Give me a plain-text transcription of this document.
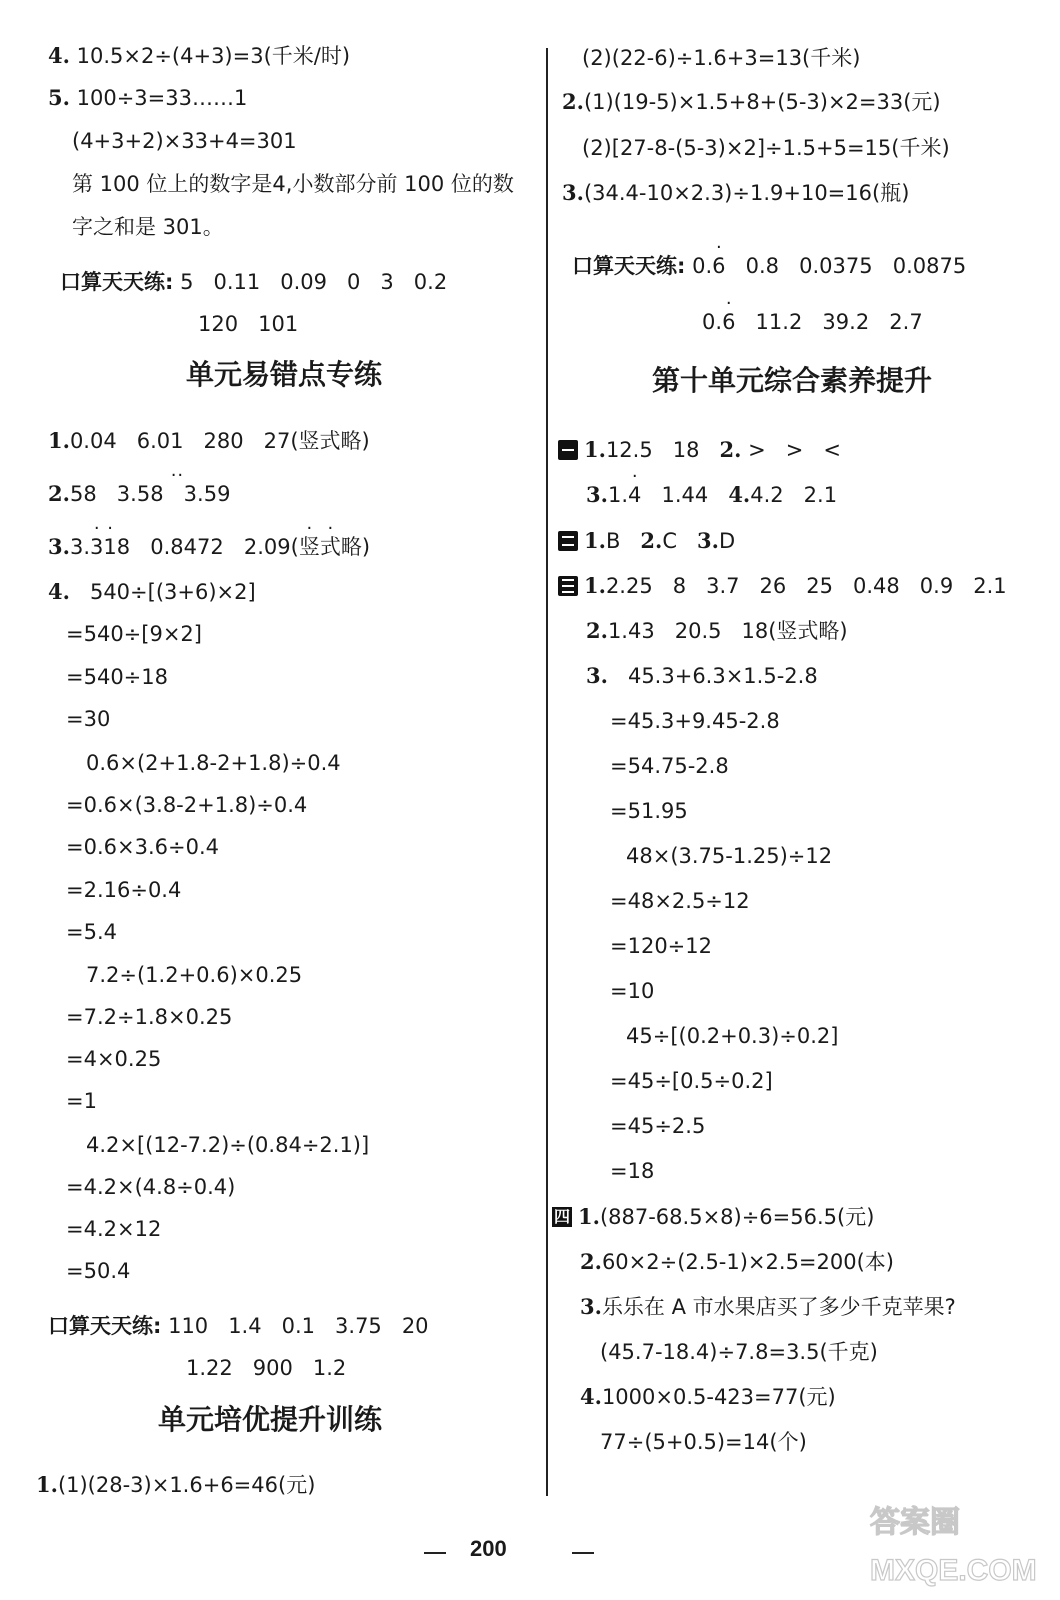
4. 10.5×2÷(4+3)=3(千米/时)
5. 100÷3=33……1
(4+3+2)×33+4=301
第 100 位上的数字是4,小数部分前 100 位的数
字之和是 301。
口算天天练: 5   0.11   0.09   0   3   0.2
120   101
1.0.04   6.01   280   27(竖式略)
2.58 3.58 · · 3.59
3.3.· 3· 18 0.8472 2.09(竖式略)
4.   540÷[(3+6)×2]
=540÷[9×2]
=540÷18
=30
0.6×(2+1.8-2+1.8)÷0.4
=0.6×(3.8-2+1.8)÷0.4
=0.6×3.6÷0.4
=2.16÷0.4
=5.4
7.2÷(1.2+0.6)×0.25
=7.2÷1.8×0.25
=4×0.25
=1
4.2×[(12-7.2)÷(0.84÷2.1)]
=4.2×(4.8÷0.4)
=4.2×12
=50.4
口算天天练: 110   1.4   0.1   3.75   20
1.22   900   1.2
1.(1)(28-3)×1.6+6=46(元)
单元易错点专练
单元培优提升训练
(2)(22-6)÷1.6+3=13(千米)
2.(1)(19-5)×1.5+8+(5-3)×2=33(元)
(2)[27-8-(5-3)×2]÷1.5+5=15(千米)
3.(34.4-10×2.3)÷1.9+10=16(瓶)
口算天天练: 0.· 6 0.8 0.0375 0.0875
0.· 6 11.2 39.2 2.7
1.12.5   18   2. >   >   <
3.1.· 4 1.44 4.4.2   2.1
1.B   2.C   3.D
1.2.25   8   3.7   26   25   0.48   0.9   2.1
2.1.43   20.5   18(竖式略)
3.   45.3+6.3×1.5-2.8
=45.3+9.45-2.8
=54.75-2.8
=51.95
48×(3.75-1.25)÷12
=48×2.5÷12
=120÷12
=10
45÷[(0.2+0.3)÷0.2]
=45÷[0.5÷0.2]
=45÷2.5
=18
四 1.(887-68.5×8)÷6=56.5(元)
2.60×2÷(2.5-1)×2.5=200(本)
3.乐乐在 A 市水果店买了多少千克苹果?
(45.7-18.4)÷7.8=3.5(千克)
4.1000×0.5-423=77(元)
77÷(5+0.5)=14(个)
第十单元综合素养提升
200
答案圈
MXQE.COM
